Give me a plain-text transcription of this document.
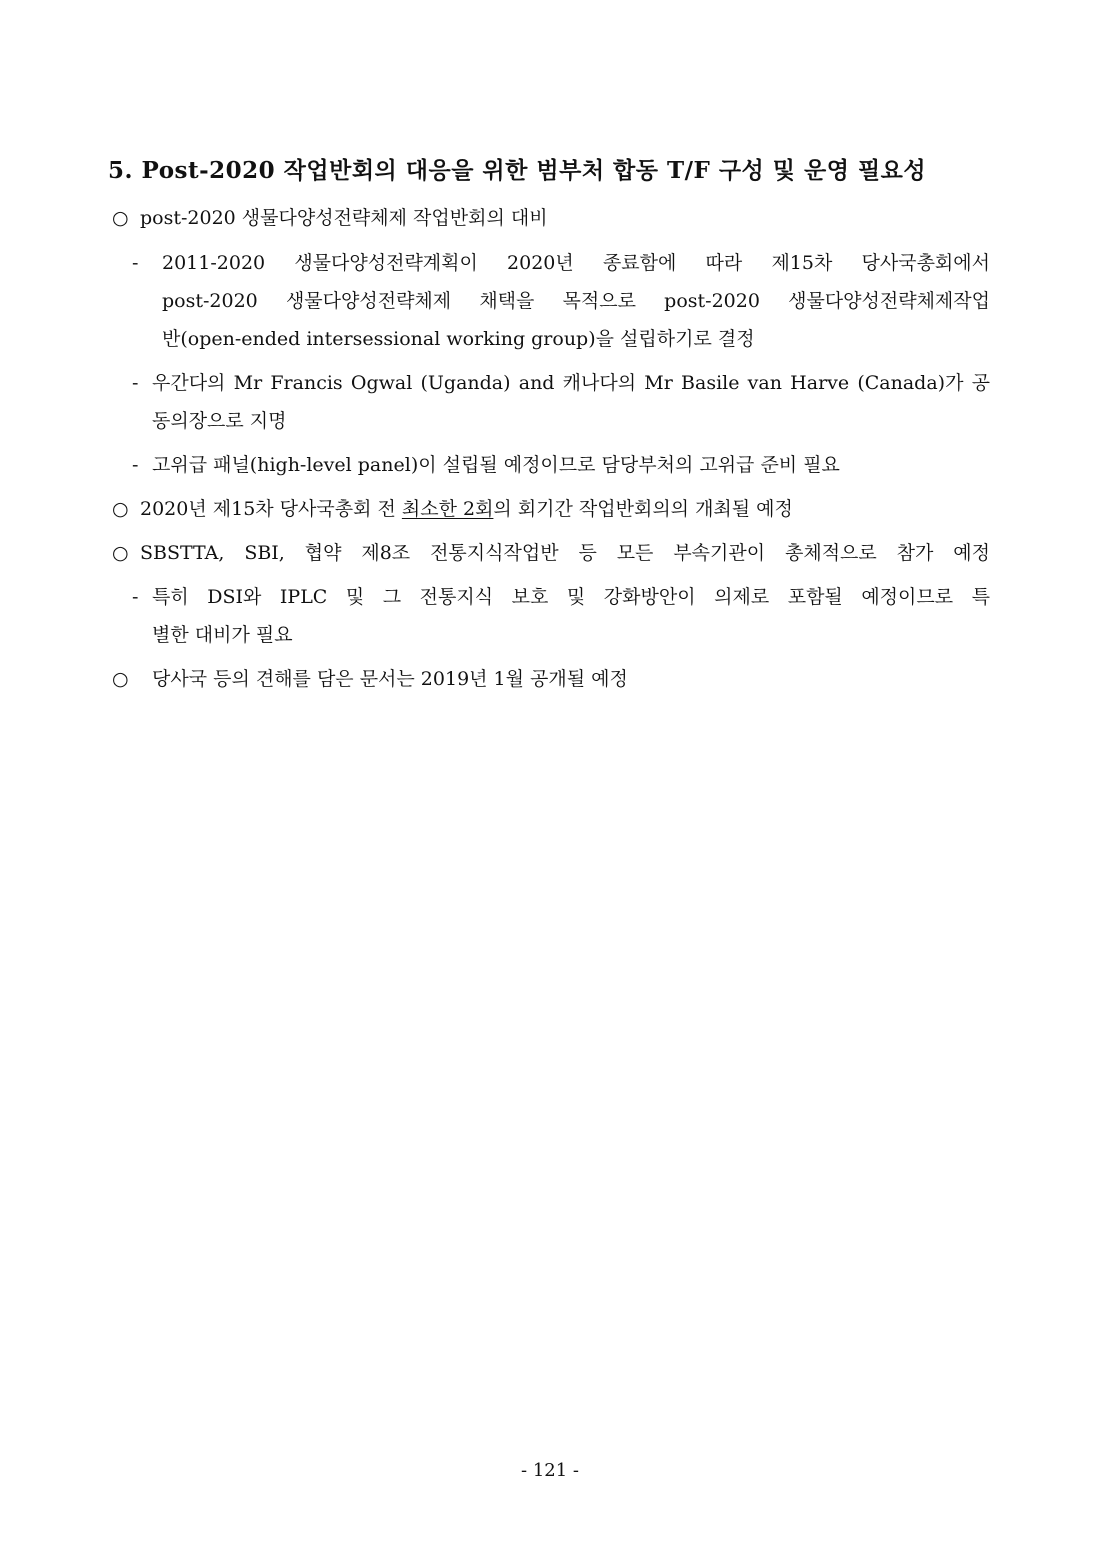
5. Post-2020 작업반회의 대응을 위한 범부처 합동 T/F 구성 및 운영 필요성
○ post-2020 생물다양성전략체제 작업반회의 대비
- 2011-2020 생물다양성전략계획이 2020년 종료함에 따라 제15차 당사국총회에서
post-2020 생물다양성전략체제 채택을 목적으로 post-2020 생물다양성전략체제작업
반(open-ended intersessional working group)을 설립하기로 결정
- 우간다의 Mr Francis Ogwal (Uganda) and 캐나다의 Mr Basile van Harve (Canada)가 공
동의장으로 지명
- 고위급 패널(high-level panel)이 설립될 예정이므로 담당부처의 고위급 준비 필요
○ 2020년 제15차 당사국총회 전 최소한 2회의 회기간 작업반회의의 개최될 예정
○ SBSTTA, SBI, 협약 제8조 전통지식작업반 등 모든 부속기관이 총체적으로 참가 예정
- 특히 DSI와 IPLC 및 그 전통지식 보호 및 강화방안이 의제로 포함될 예정이므로 특
별한 대비가 필요
○ 당사국 등의 견해를 담은 문서는 2019년 1월 공개될 예정
- 121 -
